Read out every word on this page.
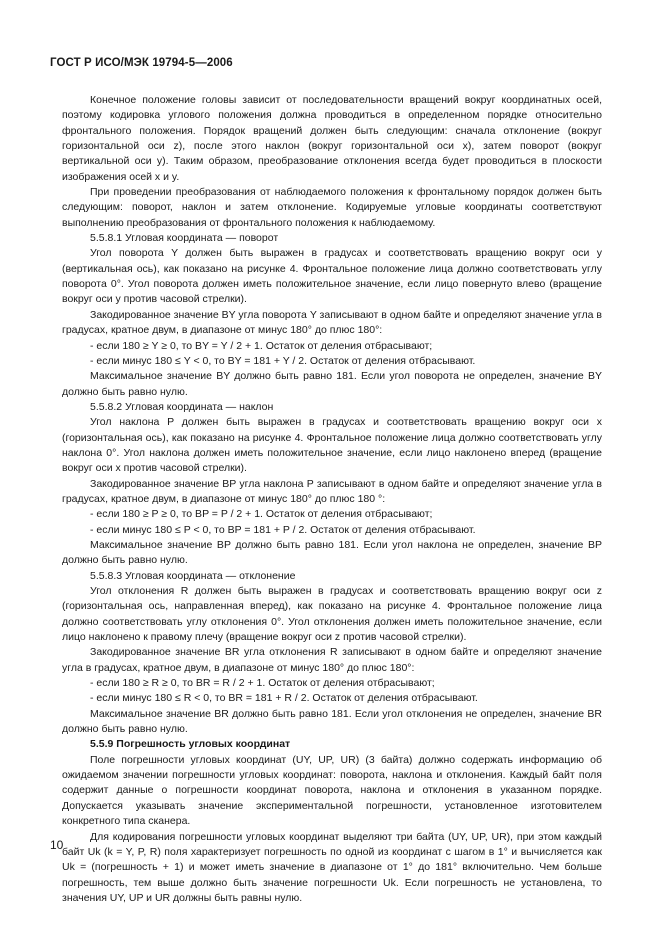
ГОСТ Р ИСО/МЭК 19794-5—2006

Конечное положение головы зависит от последовательности вращений вокруг координатных осей, поэтому кодировка углового положения должна проводиться в определенном порядке относительно фронтального положения. Порядок вращений должен быть следующим: сначала отклонение (вокруг горизонтальной оси z), после этого наклон (вокруг горизонтальной оси x), затем поворот (вокруг вертикальной оси y). Таким образом, преобразование отклонения всегда будет проводиться в плоскости изображения осей x и y.

При проведении преобразования от наблюдаемого положения к фронтальному порядок должен быть следующим: поворот, наклон и затем отклонение. Кодируемые угловые координаты соответствуют выполнению преобразования от фронтального положения к наблюдаемому.

5.5.8.1 Угловая координата — поворот

Угол поворота Y должен быть выражен в градусах и соответствовать вращению вокруг оси y (вертикальная ось), как показано на рисунке 4. Фронтальное положение лица должно соответствовать углу поворота 0°. Угол поворота должен иметь положительное значение, если лицо повернуто влево (вращение вокруг оси y против часовой стрелки).

Закодированное значение BY угла поворота Y записывают в одном байте и определяют значение угла в градусах, кратное двум, в диапазоне от минус 180° до плюс 180°:

- если 180 ≥ Y ≥ 0, то BY = Y / 2 + 1. Остаток от деления отбрасывают;

- если минус 180 ≤ Y < 0, то BY = 181 + Y / 2. Остаток от деления отбрасывают.

Максимальное значение BY должно быть равно 181. Если угол поворота не определен, значение BY должно быть равно нулю.

5.5.8.2 Угловая координата — наклон

Угол наклона P должен быть выражен в градусах и соответствовать вращению вокруг оси x (горизонтальная ось), как показано на рисунке 4. Фронтальное положение лица должно соответствовать углу наклона 0°. Угол наклона должен иметь положительное значение, если лицо наклонено вперед (вращение вокруг оси x против часовой стрелки).

Закодированное значение BP угла наклона P записывают в одном байте и определяют значение угла в градусах, кратное двум, в диапазоне от минус 180° до плюс 180 °:

- если 180 ≥ P ≥ 0, то BP = P / 2 + 1. Остаток от деления отбрасывают;

- если минус 180 ≤ P < 0, то BP = 181 + P / 2. Остаток от деления отбрасывают.

Максимальное значение BP должно быть равно 181. Если угол наклона не определен, значение BP должно быть равно нулю.

5.5.8.3 Угловая координата — отклонение

Угол отклонения R должен быть выражен в градусах и соответствовать вращению вокруг оси z (горизонтальная ось, направленная вперед), как показано на рисунке 4. Фронтальное положение лица должно соответствовать углу отклонения 0°. Угол отклонения должен иметь положительное значение, если лицо наклонено к правому плечу (вращение вокруг оси z против часовой стрелки).

Закодированное значение BR угла отклонения R записывают в одном байте и определяют значение угла в градусах, кратное двум, в диапазоне от минус 180° до плюс 180°:

- если 180 ≥ R ≥ 0, то BR = R / 2 + 1. Остаток от деления отбрасывают;

- если минус 180 ≤ R < 0, то BR = 181 + R / 2. Остаток от деления отбрасывают.

Максимальное значение BR должно быть равно 181. Если угол отклонения не определен, значение BR должно быть равно нулю.

5.5.9 Погрешность угловых координат

Поле погрешности угловых координат (UY, UP, UR) (3 байта) должно содержать информацию об ожидаемом значении погрешности угловых координат: поворота, наклона и отклонения. Каждый байт поля содержит данные о погрешности координат поворота, наклона и отклонения в указанном порядке. Допускается указывать значение экспериментальной погрешности, установленное изготовителем конкретного типа сканера.

Для кодирования погрешности угловых координат выделяют три байта (UY, UP, UR), при этом каждый байт Uk (k = Y, P, R) поля характеризует погрешность по одной из координат с шагом в 1° и вычисляется как Uk = (погрешность + 1) и может иметь значение в диапазоне от 1° до 181° включительно. Чем больше погрешность, тем выше должно быть значение погрешности Uk. Если погрешность не установлена, то значения UY, UP и UR должны быть равны нулю.

10
